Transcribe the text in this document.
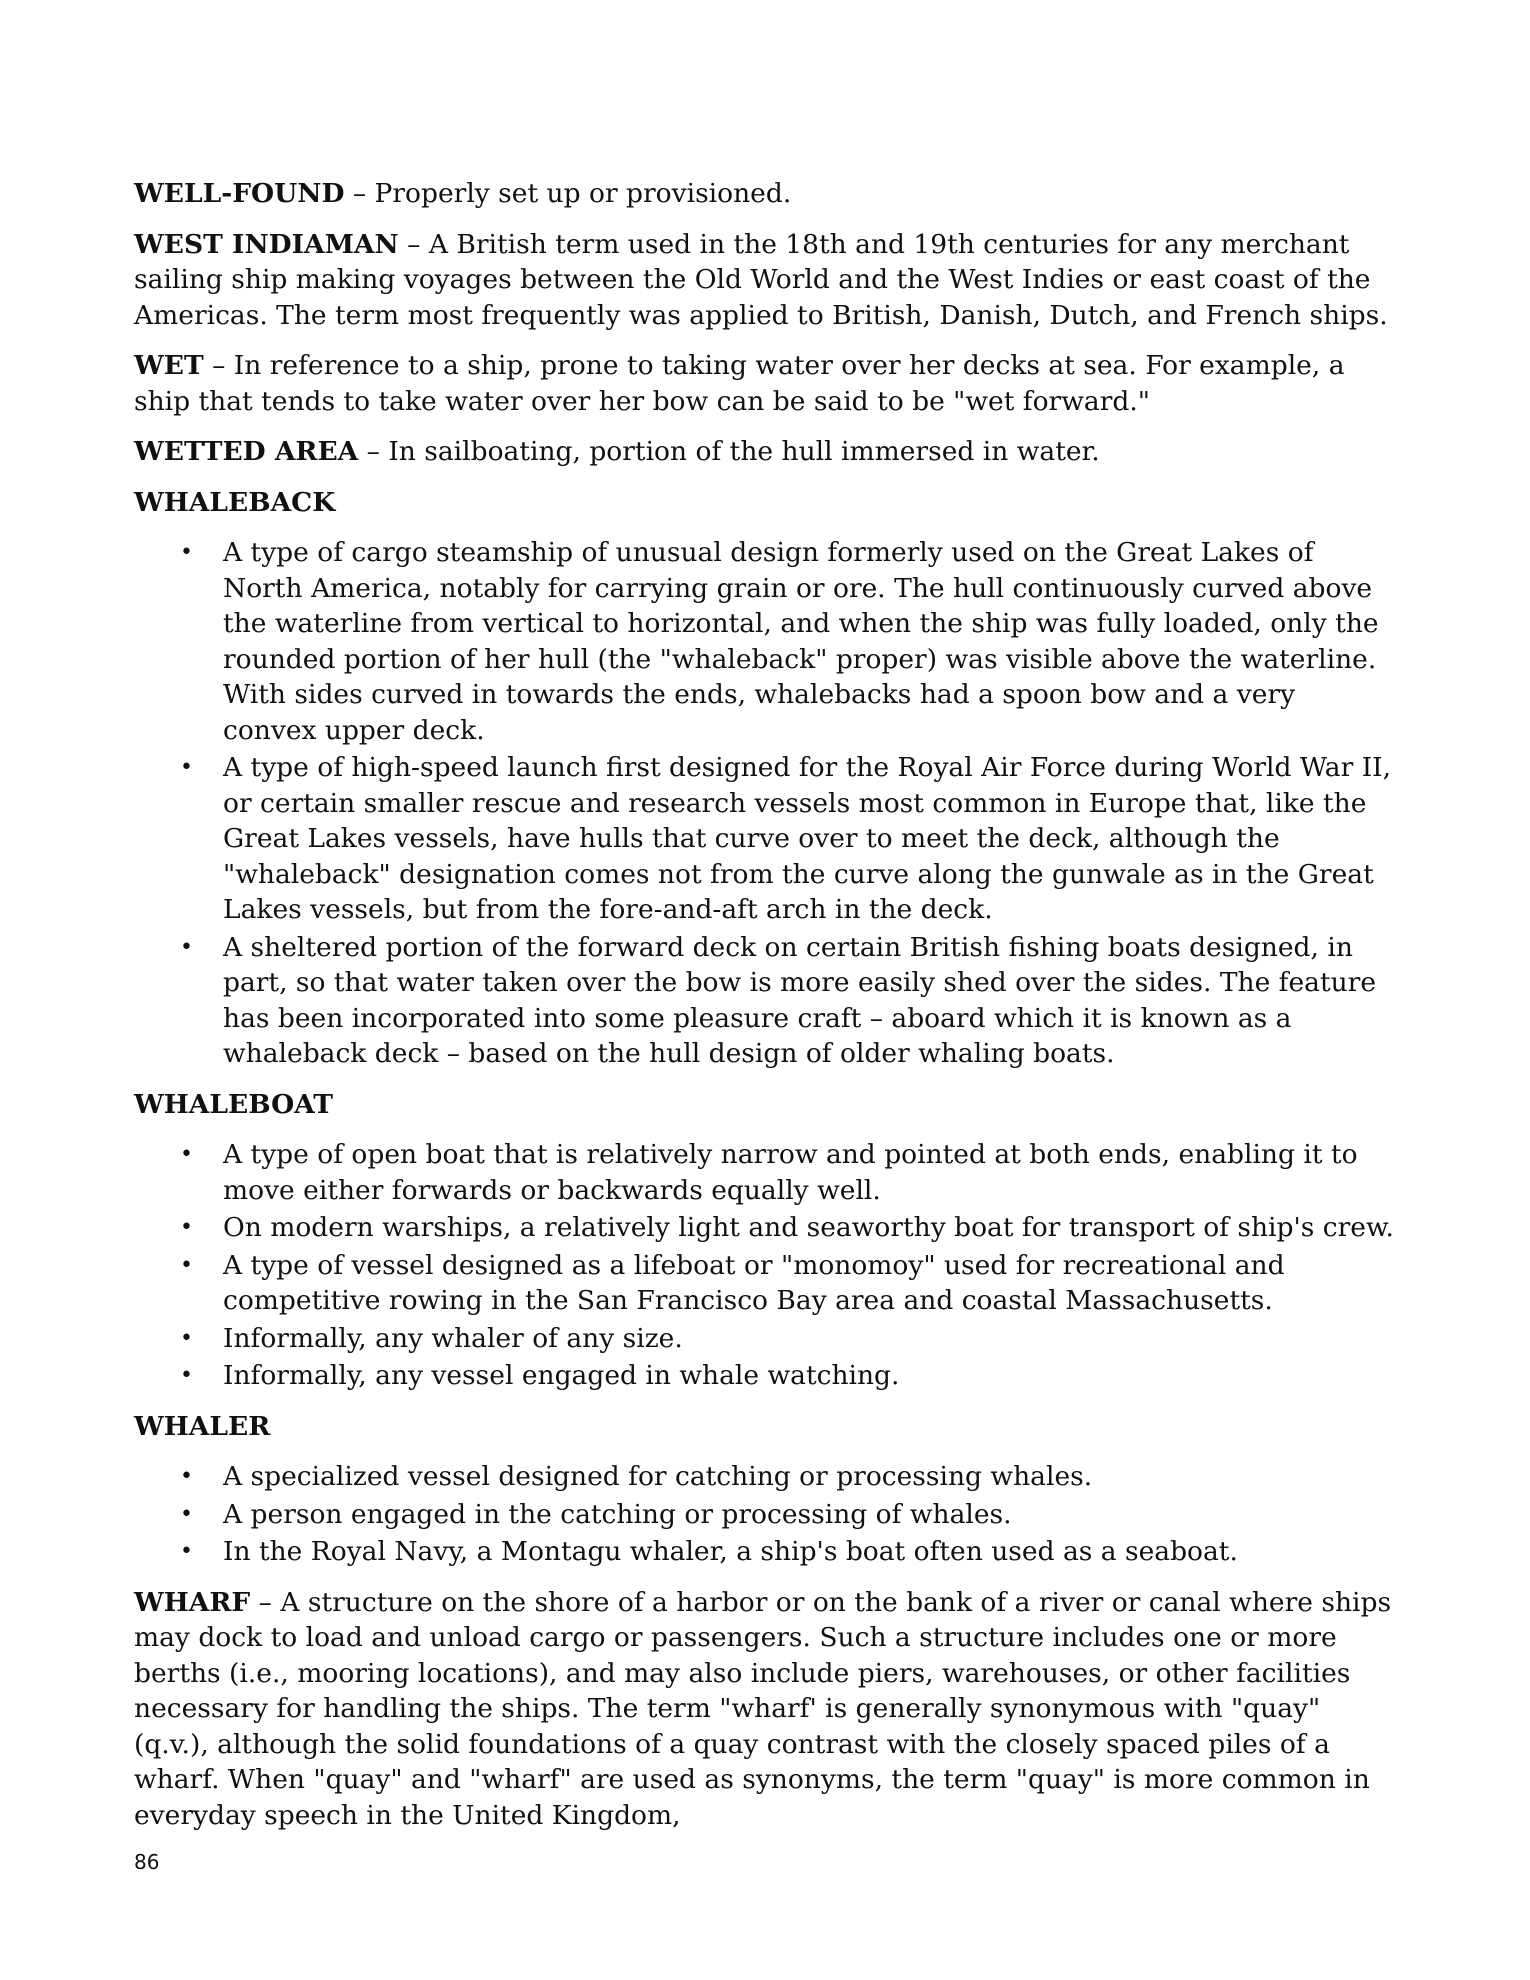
WELL-FOUND – Properly set up or provisioned.

WEST INDIAMAN – A British term used in the 18th and 19th centuries for any merchant sailing ship making voyages between the Old World and the West Indies or east coast of the Americas. The term most frequently was applied to British, Danish, Dutch, and French ships.

WET – In reference to a ship, prone to taking water over her decks at sea. For example, a ship that tends to take water over her bow can be said to be "wet forward."

WETTED AREA – In sailboating, portion of the hull immersed in water.

WHALEBACK

• A type of cargo steamship of unusual design formerly used on the Great Lakes of North America, notably for carrying grain or ore. The hull continuously curved above the waterline from vertical to horizontal, and when the ship was fully loaded, only the rounded portion of her hull (the "whaleback" proper) was visible above the waterline. With sides curved in towards the ends, whalebacks had a spoon bow and a very convex upper deck.
• A type of high-speed launch first designed for the Royal Air Force during World War II, or certain smaller rescue and research vessels most common in Europe that, like the Great Lakes vessels, have hulls that curve over to meet the deck, although the "whaleback" designation comes not from the curve along the gunwale as in the Great Lakes vessels, but from the fore-and-aft arch in the deck.
• A sheltered portion of the forward deck on certain British fishing boats designed, in part, so that water taken over the bow is more easily shed over the sides. The feature has been incorporated into some pleasure craft – aboard which it is known as a whaleback deck – based on the hull design of older whaling boats.

WHALEBOAT

• A type of open boat that is relatively narrow and pointed at both ends, enabling it to move either forwards or backwards equally well.
• On modern warships, a relatively light and seaworthy boat for transport of ship's crew.
• A type of vessel designed as a lifeboat or "monomoy" used for recreational and competitive rowing in the San Francisco Bay area and coastal Massachusetts.
• Informally, any whaler of any size.
• Informally, any vessel engaged in whale watching.

WHALER

• A specialized vessel designed for catching or processing whales.
• A person engaged in the catching or processing of whales.
• In the Royal Navy, a Montagu whaler, a ship's boat often used as a seaboat.

WHARF – A structure on the shore of a harbor or on the bank of a river or canal where ships may dock to load and unload cargo or passengers. Such a structure includes one or more berths (i.e., mooring locations), and may also include piers, warehouses, or other facilities necessary for handling the ships. The term "wharf' is generally synonymous with "quay" (q.v.), although the solid foundations of a quay contrast with the closely spaced piles of a wharf. When "quay" and "wharf" are used as synonyms, the term "quay" is more common in everyday speech in the United Kingdom,

86
